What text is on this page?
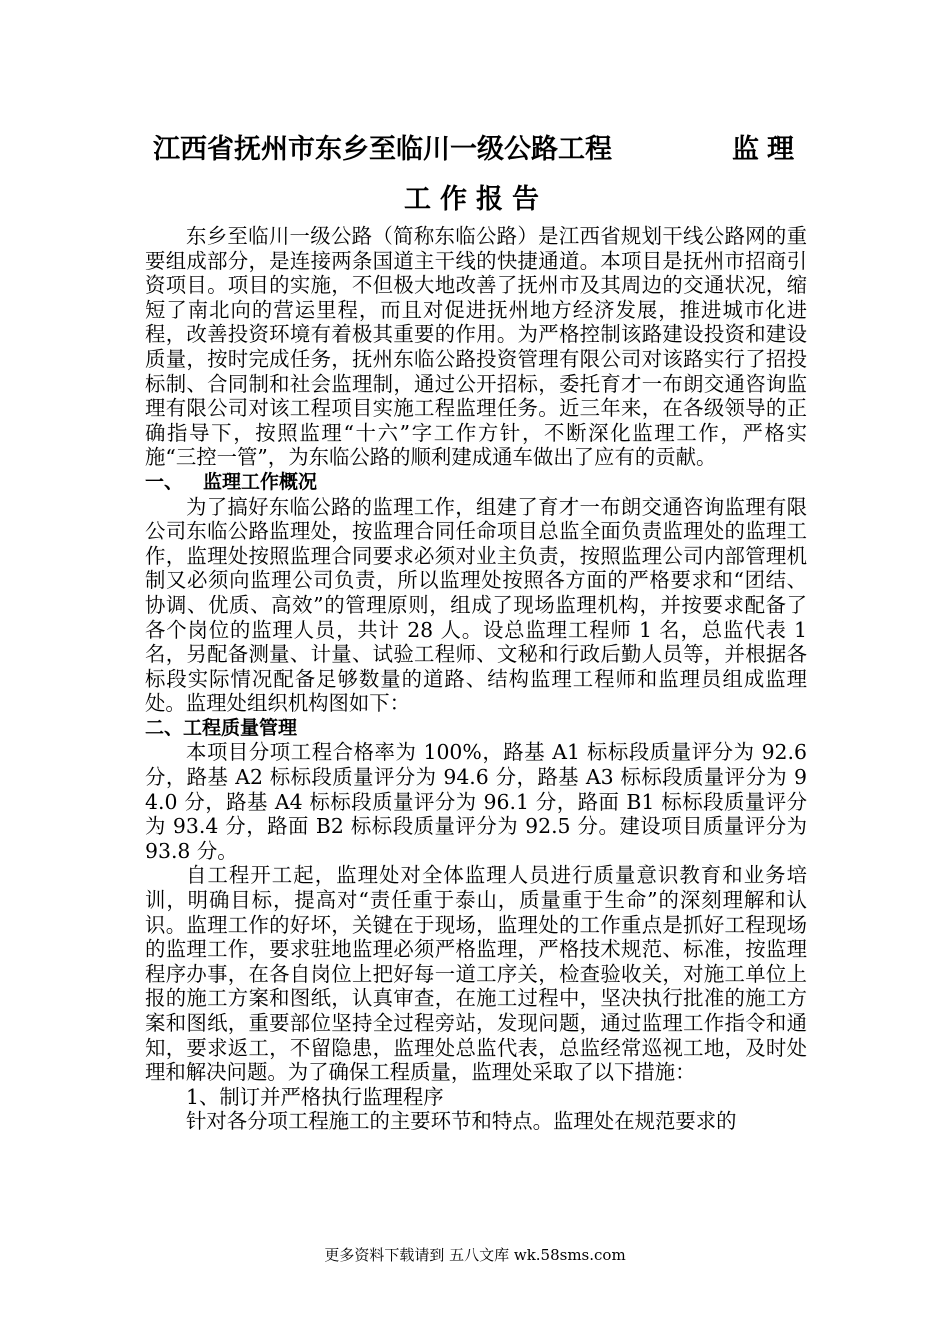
江西省抚州市东乡至临川一级公路工程	监理
工作报告

东乡至临川一级公路（简称东临公路）是江西省规划干线公路网的重要组成部分，是连接两条国道主干线的快捷通道。本项目是抚州市招商引资项目。项目的实施，不但极大地改善了抚州市及其周边的交通状况，缩短了南北向的营运里程，而且对促进抚州地方经济发展，推进城市化进程，改善投资环境有着极其重要的作用。为严格控制该路建设投资和建设质量，按时完成任务，抚州东临公路投资管理有限公司对该路实行了招投标制、合同制和社会监理制，通过公开招标，委托育才一布朗交通咨询监理有限公司对该工程项目实施工程监理任务。近三年来，在各级领导的正确指导下，按照监理“十六”字工作方针，不断深化监理工作，严格实施“三控一管”，为东临公路的顺利建成通车做出了应有的贡献。

一、 监理工作概况

为了搞好东临公路的监理工作，组建了育才一布朗交通咨询监理有限公司东临公路监理处，按监理合同任命项目总监全面负责监理处的监理工作，监理处按照监理合同要求必须对业主负责，按照监理公司内部管理机制又必须向监理公司负责，所以监理处按照各方面的严格要求和“团结、协调、优质、高效”的管理原则，组成了现场监理机构，并按要求配备了各个岗位的监理人员，共计 28 人。设总监理工程师 1 名，总监代表 1 名，另配备测量、计量、试验工程师、文秘和行政后勤人员等，并根据各标段实际情况配备足够数量的道路、结构监理工程师和监理员组成监理处。监理处组织机构图如下：

二、工程质量管理

本项目分项工程合格率为 100%，路基 A1 标标段质量评分为 92.6 分，路基 A2 标标段质量评分为 94.6 分，路基 A3 标标段质量评分为 94.0 分，路基 A4 标标段质量评分为 96.1 分，路面 B1 标标段质量评分为 93.4 分，路面 B2 标标段质量评分为 92.5 分。建设项目质量评分为 93.8 分。

自工程开工起，监理处对全体监理人员进行质量意识教育和业务培训，明确目标，提高对“责任重于泰山，质量重于生命”的深刻理解和认识。监理工作的好坏，关键在于现场，监理处的工作重点是抓好工程现场的监理工作，要求驻地监理必须严格监理，严格技术规范、标准，按监理程序办事，在各自岗位上把好每一道工序关，检查验收关，对施工单位上报的施工方案和图纸，认真审查，在施工过程中，坚决执行批准的施工方案和图纸，重要部位坚持全过程旁站，发现问题，通过监理工作指令和通知，要求返工，不留隐患，监理处总监代表，总监经常巡视工地，及时处理和解决问题。为了确保工程质量，监理处采取了以下措施：

1、制订并严格执行监理程序

针对各分项工程施工的主要环节和特点。监理处在规范要求的

更多资料下载请到 五八文库 wk.58sms.com
